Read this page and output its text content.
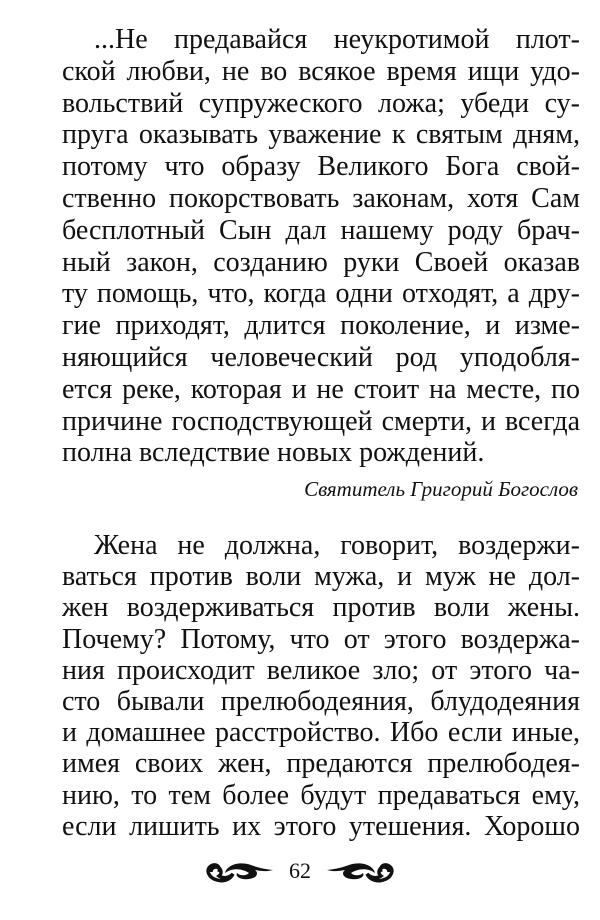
...Не предавайся неукротимой плот-
ской любви, не во всякое время ищи удо-
вольствий супружеского ложа; убеди су-
пруга оказывать уважение к святым дням,
потому что образу Великого Бога свой-
ственно покорствовать законам, хотя Сам
бесплотный Сын дал нашему роду брач-
ный закон, созданию руки Своей оказав
ту помощь, что, когда одни отходят, а дру-
гие приходят, длится поколение, и изме-
няющийся человеческий род уподобля-
ется реке, которая и не стоит на месте, по
причине господствующей смерти, и всегда
полна вследствие новых рождений.
Святитель Григорий Богослов
Жена не должна, говорит, воздержи-
ваться против воли мужа, и муж не дол-
жен воздерживаться против воли жены.
Почему? Потому, что от этого воздержа-
ния происходит великое зло; от этого ча-
сто бывали прелюбодеяния, блудодеяния
и домашнее расстройство. Ибо если иные,
имея своих жен, предаются прелюбодея-
нию, то тем более будут предаваться ему,
если лишить их этого утешения. Хорошо
62
